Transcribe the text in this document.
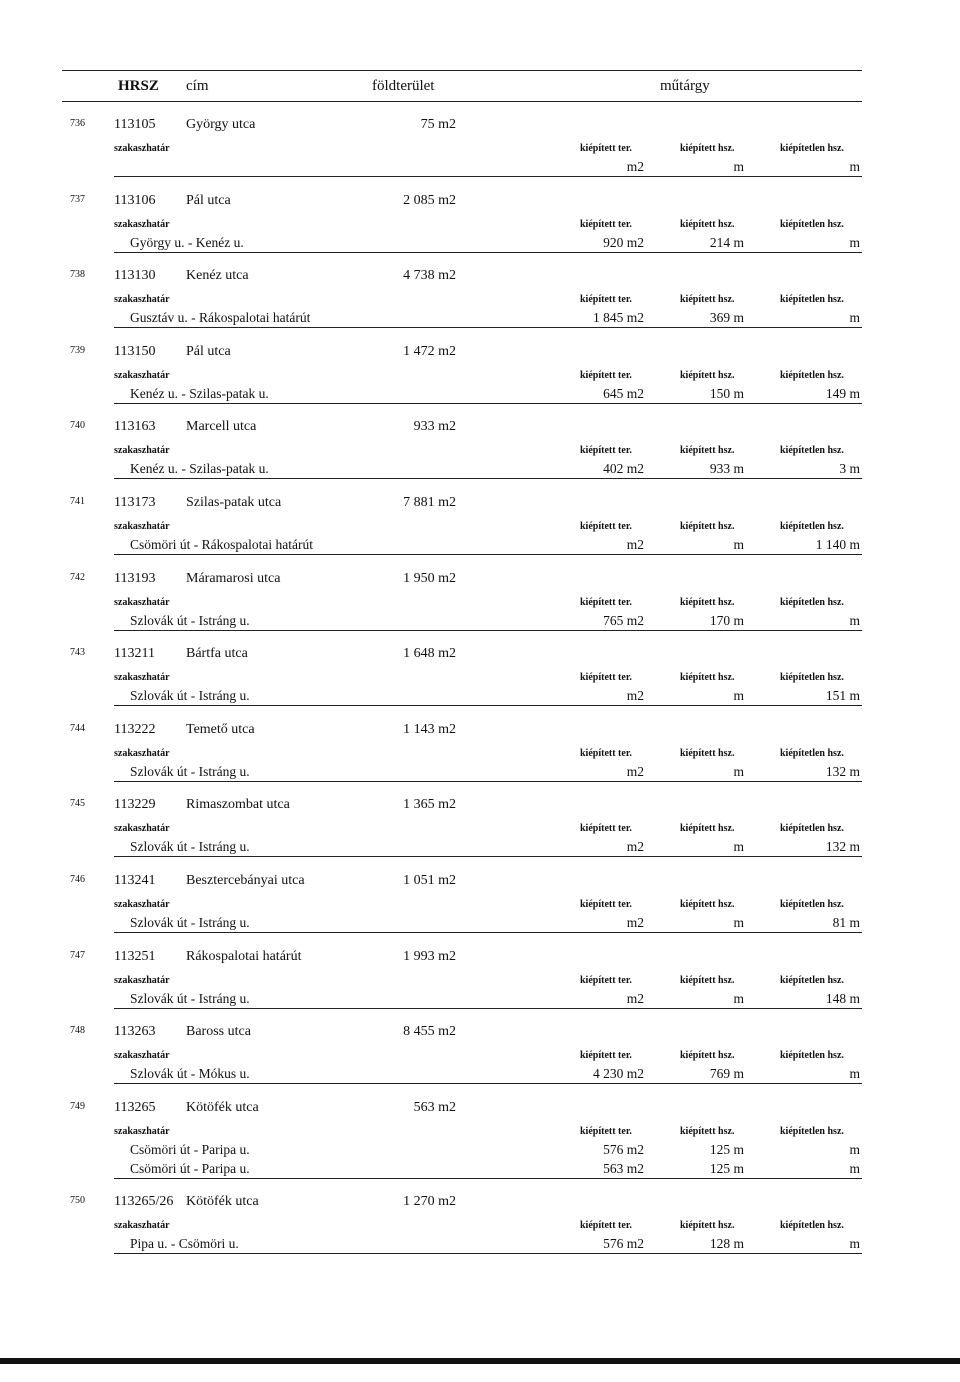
HRSZ cím	földterület	műtárgy
736 113105 György utca	75 m2
szakaszhatár	kiépített ter.	kiépített hsz.	kiépítetlen hsz.
m2	m	m
737 113106 Pál utca	2 085 m2
szakaszhatár	kiépített ter.	kiépített hsz.	kiépítetlen hsz.
György u. - Kenéz u.	920 m2	214 m	m
738 113130 Kenéz utca	4 738 m2
szakaszhatár	kiépített ter.	kiépített hsz.	kiépítetlen hsz.
Gusztáv u. - Rákospalotai határút	1 845 m2	369 m	m
739 113150 Pál utca	1 472 m2
szakaszhatár	kiépített ter.	kiépített hsz.	kiépítetlen hsz.
Kenéz u. - Szilas-patak u.	645 m2	150 m	149 m
740 113163 Marcell utca	933 m2
szakaszhatár	kiépített ter.	kiépített hsz.	kiépítetlen hsz.
Kenéz u. - Szilas-patak u.	402 m2	933 m	3 m
741 113173 Szilas-patak utca	7 881 m2
szakaszhatár	kiépített ter.	kiépített hsz.	kiépítetlen hsz.
Csömöri út - Rákospalotai határút	m2	m	1 140 m
742 113193 Máramarosi utca	1 950 m2
szakaszhatár	kiépített ter.	kiépített hsz.	kiépítetlen hsz.
Szlovák út - Istráng u.	765 m2	170 m	m
743 113211 Bártfa utca	1 648 m2
szakaszhatár	kiépített ter.	kiépített hsz.	kiépítetlen hsz.
Szlovák út - Istráng u.	m2	m	151 m
744 113222 Temető utca	1 143 m2
szakaszhatár	kiépített ter.	kiépített hsz.	kiépítetlen hsz.
Szlovák út - Istráng u.	m2	m	132 m
745 113229 Rimaszombat utca	1 365 m2
szakaszhatár	kiépített ter.	kiépített hsz.	kiépítetlen hsz.
Szlovák út - Istráng u.	m2	m	132 m
746 113241 Besztercebányai utca	1 051 m2
szakaszhatár	kiépített ter.	kiépített hsz.	kiépítetlen hsz.
Szlovák út - Istráng u.	m2	m	81 m
747 113251 Rákospalotai határút	1 993 m2
szakaszhatár	kiépített ter.	kiépített hsz.	kiépítetlen hsz.
Szlovák út - Istráng u.	m2	m	148 m
748 113263 Baross utca	8 455 m2
szakaszhatár	kiépített ter.	kiépített hsz.	kiépítetlen hsz.
Szlovák út - Mókus u.	4 230 m2	769 m	m
749 113265 Kötöfék utca	563 m2
szakaszhatár	kiépített ter.	kiépített hsz.	kiépítetlen hsz.
Csömöri út - Paripa u.	576 m2	125 m	m
Csömöri út - Paripa u.	563 m2	125 m	m
750 113265/26 Kötöfék utca	1 270 m2
szakaszhatár	kiépített ter.	kiépített hsz.	kiépítetlen hsz.
Pipa u. - Csömöri u.	576 m2	128 m	m
